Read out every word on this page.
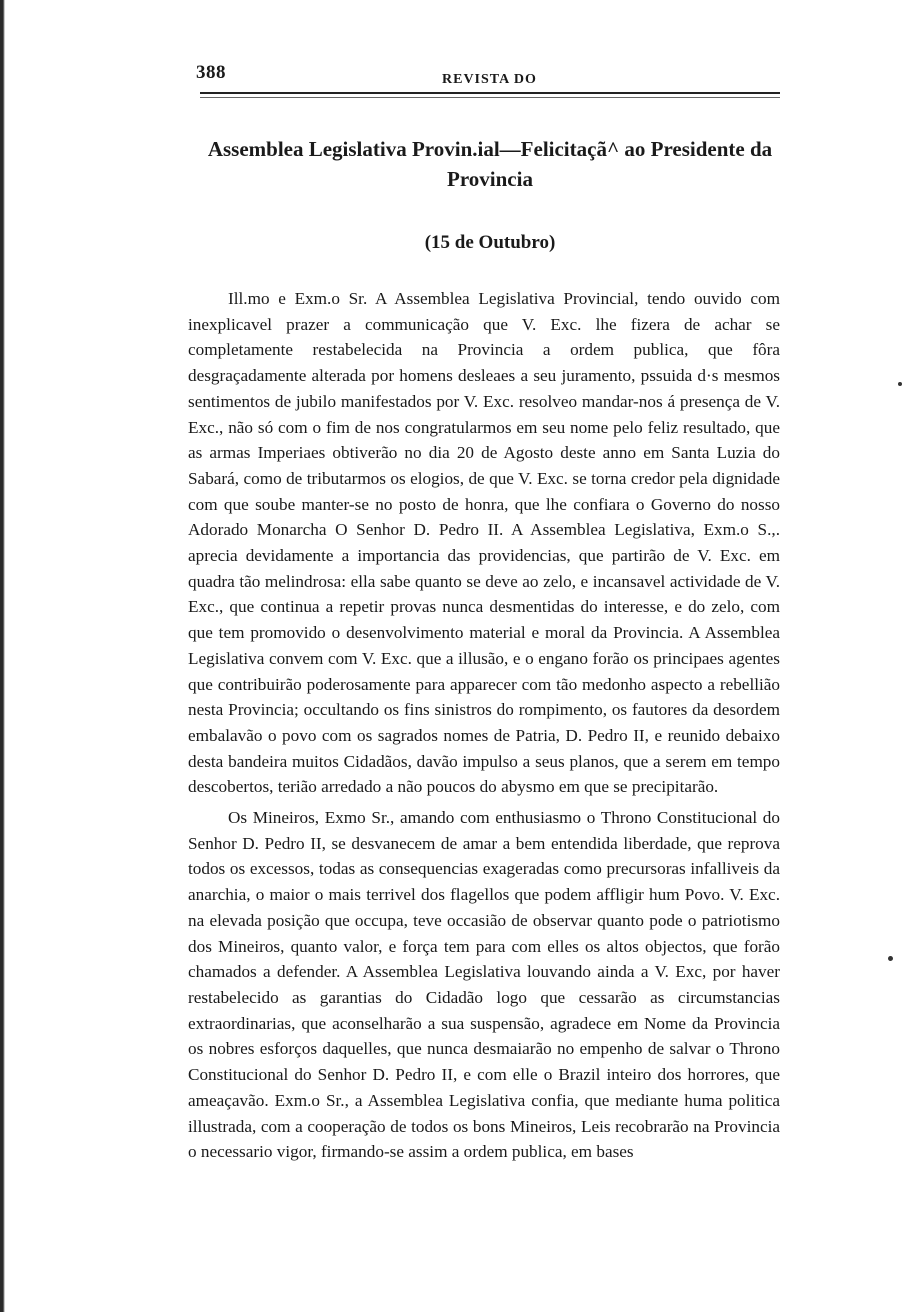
388	REVISTA DO
Assemblea Legislativa Provin.ial—Felicitaçã^ ao Presidente da Provincia
(15 de Outubro)

Ill.mo e Exm.o Sr. A Assemblea Legislativa Provincial, tendo ouvido com inexplicavel prazer a communicação que V. Exc. lhe fizera de achar se completamente restabelecida na Provincia a ordem publica, que fôra desgraçadamente alterada por homens desleaes a seu juramento, pssuida d·s mesmos sentimentos de jubilo manifestados por V. Exc. resolveo mandar-nos á presença de V. Exc., não só com o fim de nos congratularmos em seu nome pelo feliz resultado, que as armas Imperiaes obtiverão no dia 20 de Agosto deste anno em Santa Luzia do Sabará, como de tributarmos os elogios, de que V. Exc. se torna credor pela dignidade com que soube manter-se no posto de honra, que lhe confiara o Governo do nosso Adorado Monarcha O Senhor D. Pedro II. A Assemblea Legislativa, Exm.o S.,. aprecia devidamente a importancia das providencias, que partirão de V. Exc. em quadra tão melindrosa: ella sabe quanto se deve ao zelo, e incansavel actividade de V. Exc., que continua a repetir provas nunca desmentidas do interesse, e do zelo, com que tem promovido o desenvolvimento material e moral da Provincia. A Assemblea Legislativa convem com V. Exc. que a illusão, e o engano forão os principaes agentes que contribuirão poderosamente para apparecer com tão medonho aspecto a rebellião nesta Provincia; occultando os fins sinistros do rompimento, os fautores da desordem embalavão o povo com os sagrados nomes de Patria, D. Pedro II, e reunido debaixo desta bandeira muitos Cidadãos, davão impulso a seus planos, que a serem em tempo descobertos, terião arredado a não poucos do abysmo em que se precipitarão.

Os Mineiros, Exmo Sr., amando com enthusiasmo o Throno Constitucional do Senhor D. Pedro II, se desvanecem de amar a bem entendida liberdade, que reprova todos os excessos, todas as consequencias exageradas como precursoras infalliveis da anarchia, o maior o mais terrivel dos flagellos que podem affligir hum Povo. V. Exc. na elevada posição que occupa, teve occasião de observar quanto pode o patriotismo dos Mineiros, quanto valor, e força tem para com elles os altos objectos, que forão chamados a defender. A Assemblea Legislativa louvando ainda a V. Exc, por haver restabelecido as garantias do Cidadão logo que cessarão as circumstancias extraordinarias, que aconselharão a sua suspensão, agradece em Nome da Provincia os nobres esforços daquelles, que nunca desmaiarão no empenho de salvar o Throno Constitucional do Senhor D. Pedro II, e com elle o Brazil inteiro dos horrores, que ameaçavão. Exm.o Sr., a Assemblea Legislativa confia, que mediante huma politica illustrada, com a cooperação de todos os bons Mineiros, Leis recobrarão na Provincia o necessario vigor, firmando-se assim a ordem publica, em bases
